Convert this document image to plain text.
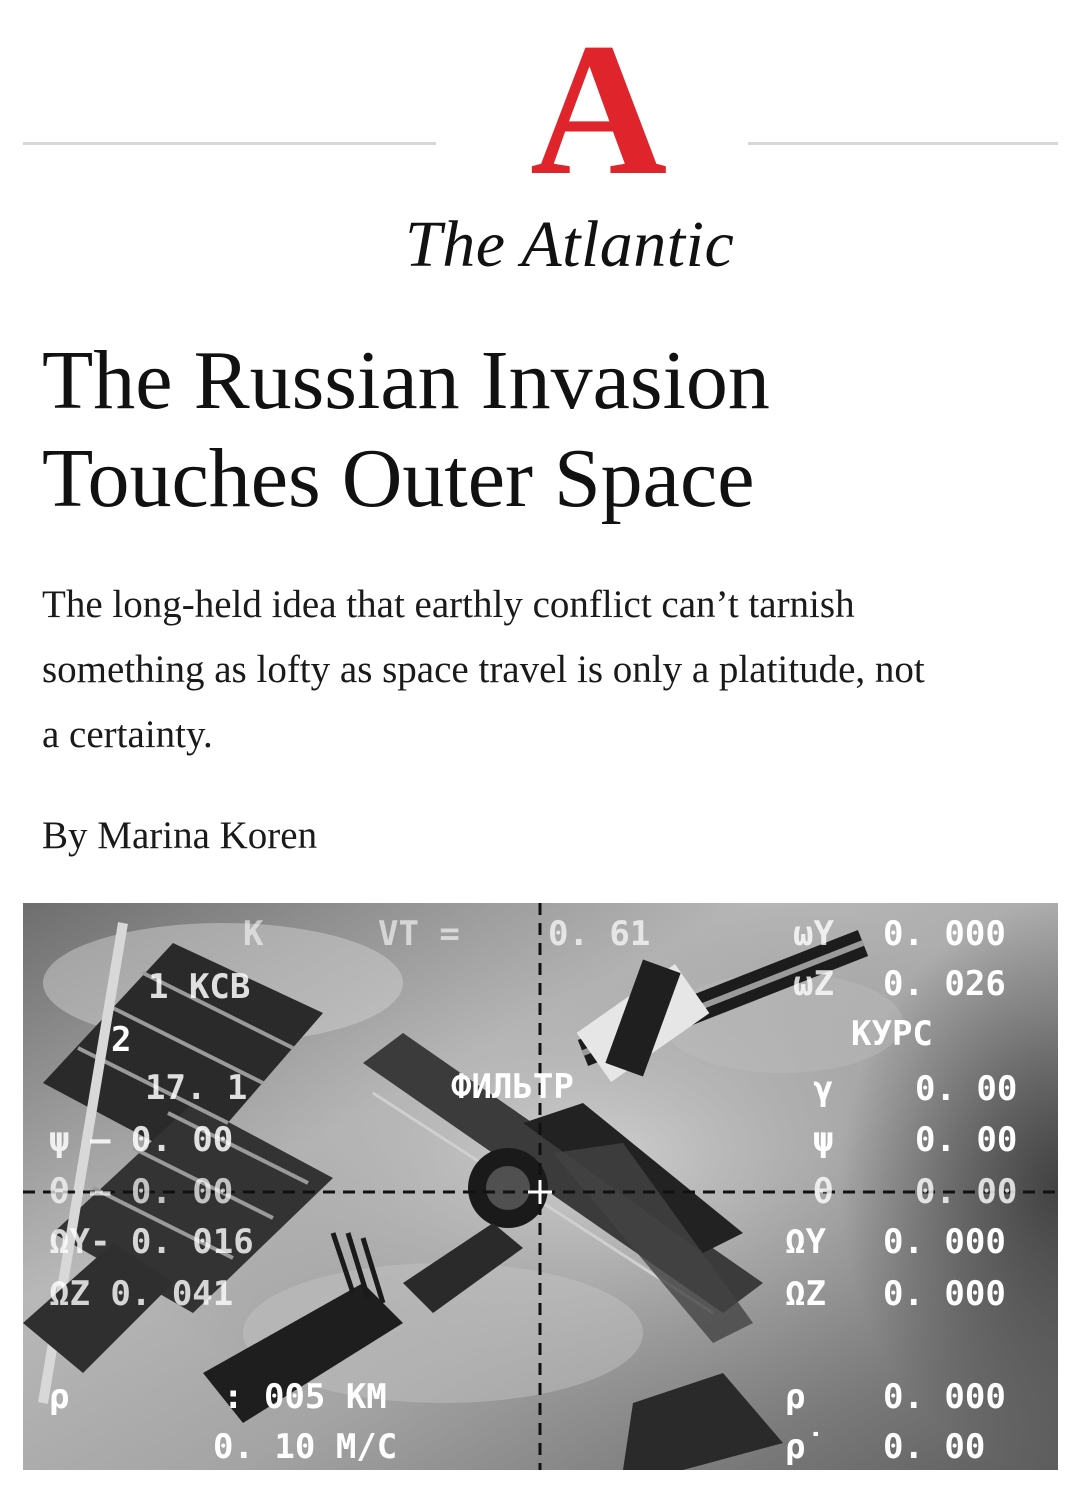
A
The Atlantic
The Russian Invasion
Touches Outer Space

The long-held idea that earthly conflict can’t tarnish
something as lofty as space travel is only a platitude, not
a certainty.

By Marina Koren
K	VT =	0. 61
1 KCB
2
17. 1
ψ – 0. 00
θ – 0. 00
ΩY- 0. 016
ΩZ 0. 041
ρ	: 005 KM
0. 10 M/C
ФИЛЬТР
ωY 0. 000
ωZ 0. 026
КУРС
γ 0. 00
ψ 0. 00
θ 0. 00
ΩY 0. 000
ΩZ 0. 000
ρ 0. 000
ρ̇	0. 00
